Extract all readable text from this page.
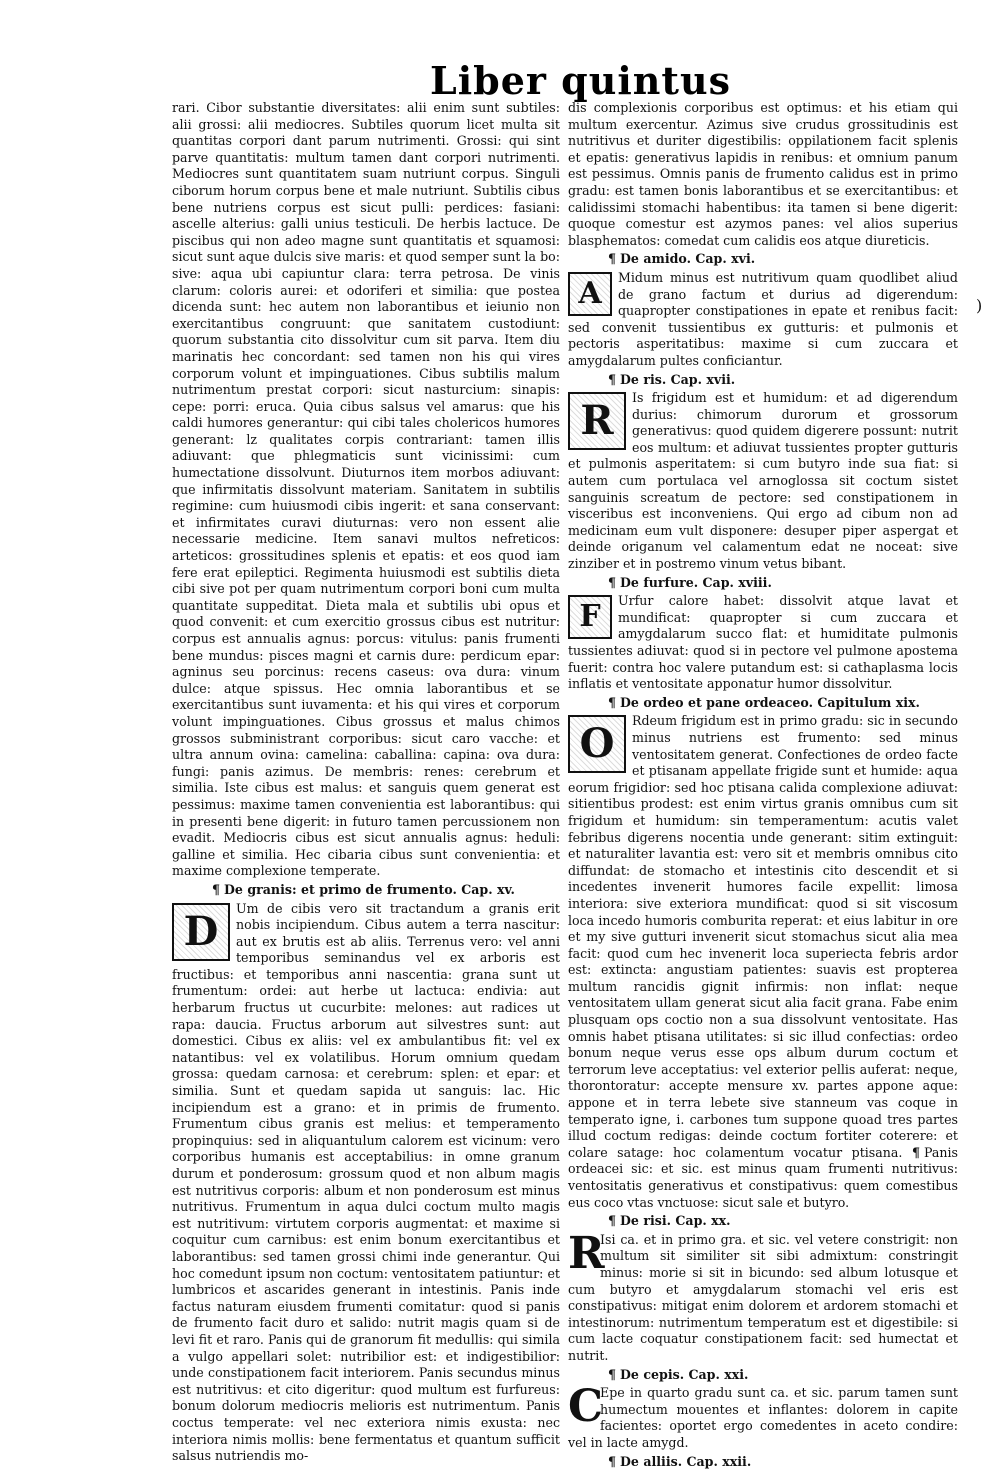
Liber quintus
)

rari. Cibor substantie diversitates: alii enim sunt subtiles: alii grossi: alii mediocres. Subtiles quorum licet multa sit quantitas corpori dant parum nutrimenti. Grossi: qui sint parve quantitatis: multum tamen dant corpori nutrimenti. Mediocres sunt quantitatem suam nutriunt corpus. Singuli ciborum horum corpus bene et male nutriunt. Subtilis cibus bene nutriens corpus est sicut pulli: perdices: fasiani: ascelle alterius: galli unius testiculi. De herbis lactuce. De piscibus qui non adeo magne sunt quantitatis et squamosi: sicut sunt aque dulcis sive maris: et quod semper sunt la bo: sive: aqua ubi capiuntur clara: terra petrosa. De vinis clarum: coloris aurei: et odoriferi et similia: que postea dicenda sunt: hec autem non laborantibus et ieiunio non exercitantibus congruunt: que sanitatem custodiunt: quorum substantia cito dissolvitur cum sit parva. Item diu marinatis hec concordant: sed tamen non his qui vires corporum volunt et impinguationes. Cibus subtilis malum nutrimentum prestat corpori: sicut nasturcium: sinapis: cepe: porri: eruca. Quia cibus salsus vel amarus: que his caldi humores generantur: qui cibi tales cholericos humores generant: lz qualitates corpis contrariant: tamen illis adiuvant: que phlegmaticis sunt vicinissimi: cum humectatione dissolvunt. Diuturnos item morbos adiuvant: que infirmitatis dissolvunt materiam. Sanitatem in subtilis regimine: cum huiusmodi cibis ingerit: et sana conservant: et infirmitates curavi diuturnas: vero non essent alie necessarie medicine. Item sanavi multos nefreticos: arteticos: grossitudines splenis et epatis: et eos quod iam fere erat epileptici. Regimenta huiusmodi est subtilis dieta cibi sive pot per quam nutrimentum corpori boni cum multa quantitate suppeditat. Dieta mala et subtilis ubi opus et quod convenit: et cum exercitio grossus cibus est nutritur: corpus est annualis agnus: porcus: vitulus: panis frumenti bene mundus: pisces magni et carnis dure: perdicum epar: agninus seu porcinus: recens caseus: ova dura: vinum dulce: atque spissus. Hec omnia laborantibus et se exercitantibus sunt iuvamenta: et his qui vires et corporum volunt impinguationes. Cibus grossus et malus chimos grossos subministrant corporibus: sicut caro vacche: et ultra annum ovina: camelina: caballina: capina: ova dura: fungi: panis azimus. De membris: renes: cerebrum et similia. Iste cibus est malus: et sanguis quem generat est pessimus: maxime tamen convenientia est laborantibus: qui in presenti bene digerit: in futuro tamen percussionem non evadit. Mediocris cibus est sicut annualis agnus: heduli: galline et similia. Hec cibaria cibus sunt convenientia: et maxime complexione temperate.

¶ De granis: et primo de frumento. Cap. xv.

D	Um de cibis vero sit tractandum a granis erit nobis incipiendum. Cibus autem a terra nascitur: aut ex brutis est ab aliis. Terrenus vero: vel anni temporibus seminandus vel ex arboris est fructibus: et temporibus anni nascentia: grana sunt ut frumentum: ordei: aut herbe ut lactuca: endivia: aut herbarum fructus ut cucurbite: melones: aut radices ut rapa: daucia. Fructus arborum aut silvestres sunt: aut domestici. Cibus ex aliis: vel ex ambulantibus fit: vel ex natantibus: vel ex volatilibus. Horum omnium quedam grossa: quedam carnosa: et cerebrum: splen: et epar: et similia. Sunt et quedam sapida ut sanguis: lac. Hic incipiendum est a grano: et in primis de frumento. Frumentum cibus granis est melius: et temperamento propinquius: sed in aliquantulum calorem est vicinum: vero corporibus humanis est acceptabilius: in omne granum durum et ponderosum: grossum quod et non album magis est nutritivus corporis: album et non ponderosum est minus nutritivus. Frumentum in aqua dulci coctum multo magis est nutritivum: virtutem corporis augmentat: et maxime si coquitur cum carnibus: est enim bonum exercitantibus et laborantibus: sed tamen grossi chimi inde generantur. Qui hoc comedunt ipsum non coctum: ventositatem patiuntur: et lumbricos et ascarides generant in intestinis. Panis inde factus naturam eiusdem frumenti comitatur: quod si panis de frumento facit duro et salido: nutrit magis quam si de levi fit et raro. Panis qui de granorum fit medullis: qui simila a vulgo appellari solet: nutribilior est: et indigestibilior: unde constipationem facit interiorem. Panis secundus minus est nutritivus: et cito digeritur: quod multum est furfureus: bonum dolorum mediocris melioris est nutrimentum. Panis coctus temperate: vel nec exteriora nimis exusta: nec interiora nimis mollis: bene fermentatus et quantum sufficit salsus nutriendis mo-

dis complexionis corporibus est optimus: et his etiam qui multum exercentur. Azimus sive crudus grossitudinis est nutritivus et duriter digestibilis: oppilationem facit splenis et epatis: generativus lapidis in renibus: et omnium panum est pessimus. Omnis panis de frumento calidus est in primo gradu: est tamen bonis laborantibus et se exercitantibus: et calidissimi stomachi habentibus: ita tamen si bene digerit: quoque comestur est azymos panes: vel alios superius blasphematos: comedat cum calidis eos atque diureticis.

¶ De amido. Cap. xvi.

A	Midum minus est nutritivum quam quodlibet aliud de grano factum et durius ad digerendum: quapropter constipationes in epate et renibus facit: sed convenit tussientibus ex gutturis: et pulmonis et pectoris asperitatibus: maxime si cum zuccara et amygdalarum pultes conficiantur.

¶ De ris. Cap. xvii.

R	Is frigidum est et humidum: et ad digerendum durius: chimorum durorum et grossorum generativus: quod quidem digerere possunt: nutrit eos multum: et adiuvat tussientes propter gutturis et pulmonis asperitatem: si cum butyro inde sua fiat: si autem cum portulaca vel arnoglossa sit coctum sistet sanguinis screatum de pectore: sed constipationem in visceribus est inconveniens. Qui ergo ad cibum non ad medicinam eum vult disponere: desuper piper aspergat et deinde origanum vel calamentum edat ne noceat: sive zinziber et in postremo vinum vetus bibant.

¶ De furfure. Cap. xviii.

F	Urfur calore habet: dissolvit atque lavat et mundificat: quapropter si cum zuccara et amygdalarum succo flat: et humiditate pulmonis tussientes adiuvat: quod si in pectore vel pulmone apostema fuerit: contra hoc valere putandum est: si cathaplasma locis inflatis et ventositate apponatur humor dissolvitur.

¶ De ordeo et pane ordeaceo. Capitulum xix.

O	Rdeum frigidum est in primo gradu: sic in secundo minus nutriens est frumento: sed minus ventositatem generat. Confectiones de ordeo facte et ptisanam appellate frigide sunt et humide: aqua eorum frigidior: sed hoc ptisana calida complexione adiuvat: sitientibus prodest: est enim virtus granis omnibus cum sit frigidum et humidum: sin temperamentum: acutis valet febribus digerens nocentia unde generant: sitim extinguit: et naturaliter lavantia est: vero sit et membris omnibus cito diffundat: de stomacho et intestinis cito descendit et si incedentes invenerit humores facile expellit: limosa interiora: sive exteriora mundificat: quod si sit viscosum loca incedo humoris comburita reperat: et eius labitur in ore et my sive gutturi invenerit sicut stomachus sicut alia mea facit: quod cum hec invenerit loca superiecta febris ardor est: extincta: angustiam patientes: suavis est propterea multum rancidis gignit infirmis: non inflat: neque ventositatem ullam generat sicut alia facit grana. Fabe enim plusquam ops coctio non a sua dissolvunt ventositate. Has omnis habet ptisana utilitates: si sic illud confectias: ordeo bonum neque verus esse ops album durum coctum et terrorum leve acceptatius: vel exterior pellis auferat: neque, thorontoratur: accepte mensure xv. partes appone aque: appone et in terra lebete sive stanneum vas coque in temperato igne, i. carbones tum suppone quoad tres partes illud coctum redigas: deinde coctum fortiter coterere: et colare satage: hoc colamentum vocatur ptisana. ¶ Panis ordeacei sic: et sic. est minus quam frumenti nutritivus: ventositatis generativus et constipativus: quem comestibus eus coco vtas vnctuose: sicut sale et butyro.

¶ De risi. Cap. xx.

R
Isi ca. et in primo gra. et sic. vel vetere constrigit: non multum sit similiter sit sibi admixtum: constringit minus: morie si sit in bicundo: sed album lotusque et cum butyro et amygdalarum stomachi vel eris est constipativus: mitigat enim dolorem et ardorem stomachi et intestinorum: nutrimentum temperatum est et digestibile: si cum lacte coquatur constipationem facit: sed humectat et nutrit.

¶ De cepis. Cap. xxi.

C
Epe in quarto gradu sunt ca. et sic. parum tamen sunt humectum mouentes et inflantes: dolorem in capite facientes: oportet ergo comedentes in aceto condire: vel in lacte amygd.

¶ De alliis. Cap. xxii.
